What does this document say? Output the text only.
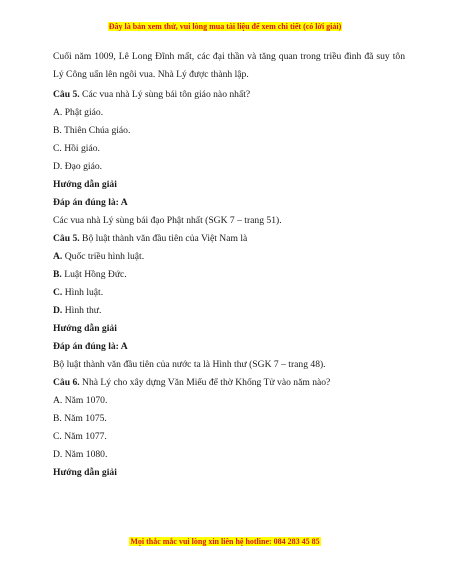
Đây là bản xem thử, vui lòng mua tài liệu để xem chi tiết (có lời giải)
Cuối năm 1009, Lê Long Đĩnh mất, các đại thần và tăng quan trong triều đình đã suy tôn Lý Công uẩn lên ngôi vua. Nhà Lý được thành lập.
Câu 5. Các vua nhà Lý sùng bái tôn giáo nào nhất?
A. Phật giáo.
B. Thiên Chúa giáo.
C. Hồi giáo.
D. Đạo giáo.
Hướng dẫn giải
Đáp án đúng là: A
Các vua nhà Lý sùng bái đạo Phật nhất (SGK 7 – trang 51).
Câu 5. Bộ luật thành văn đầu tiên của Việt Nam là
A. Quốc triều hình luật.
B. Luật Hồng Đức.
C. Hình luật.
D. Hình thư.
Hướng dẫn giải
Đáp án đúng là: A
Bộ luật thành văn đầu tiên của nước ta là Hình thư (SGK 7 – trang 48).
Câu 6. Nhà Lý cho xây dựng Văn Miếu để thờ Khổng Tử vào năm nào?
A. Năm 1070.
B. Năm 1075.
C. Năm 1077.
D. Năm 1080.
Hướng dẫn giải
Mọi thắc mắc vui lòng xin liên hệ hotline: 084 283 45 85
